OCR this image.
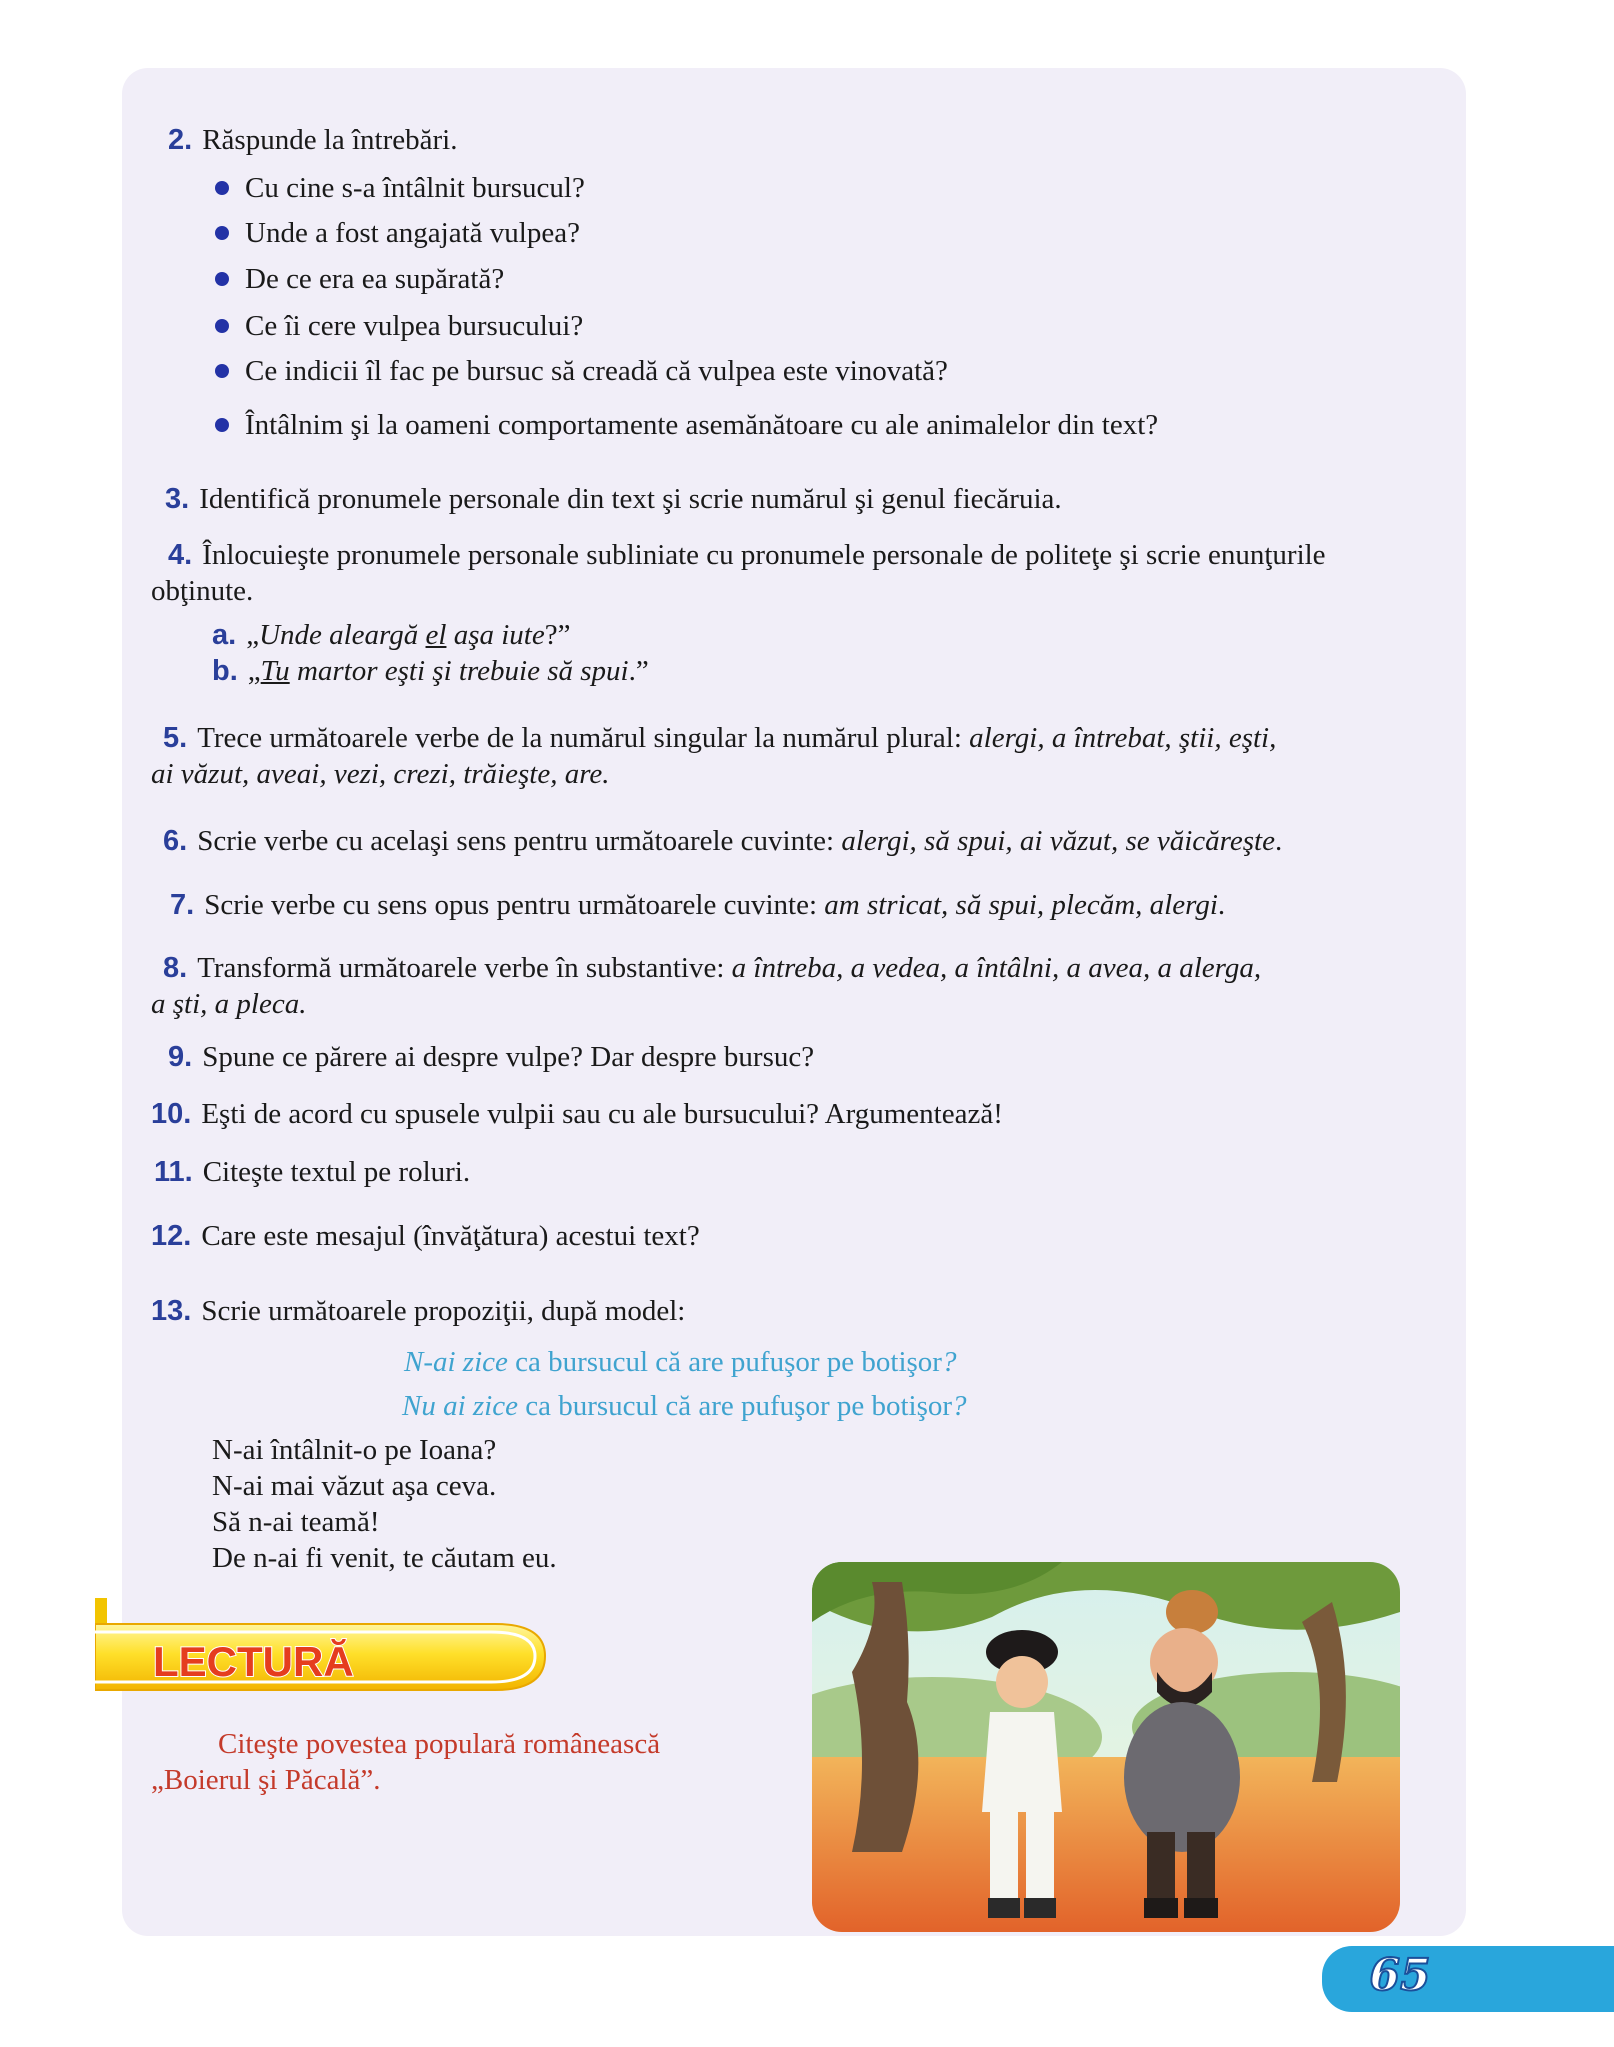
2. Răspunde la întrebări.
Cu cine s-a întâlnit bursucul?
Unde a fost angajată vulpea?
De ce era ea supărată?
Ce îi cere vulpea bursucului?
Ce indicii îl fac pe bursuc să creadă că vulpea este vinovată?
Întâlnim şi la oameni comportamente asemănătoare cu ale animalelor din text?
3. Identifică pronumele personale din text şi scrie numărul şi genul fiecăruia.
4. Înlocuieşte pronumele personale subliniate cu pronumele personale de politeţe şi scrie enunţurile
obţinute.
a. „Unde aleargă el aşa iute?”
b. „Tu martor eşti şi trebuie să spui.”
5. Trece următoarele verbe de la numărul singular la numărul plural: alergi, a întrebat, ştii, eşti,
ai văzut, aveai, vezi, crezi, trăieşte, are.
6. Scrie verbe cu acelaşi sens pentru următoarele cuvinte: alergi, să spui, ai văzut, se văicăreşte.
7. Scrie verbe cu sens opus pentru următoarele cuvinte: am stricat, să spui, plecăm, alergi.
8. Transformă următoarele verbe în substantive: a întreba, a vedea, a întâlni, a avea, a alerga,
a şti, a pleca.
9. Spune ce părere ai despre vulpe? Dar despre bursuc?
10. Eşti de acord cu spusele vulpii sau cu ale bursucului? Argumentează!
11. Citeşte textul pe roluri.
12. Care este mesajul (învăţătura) acestui text?
13. Scrie următoarele propoziţii, după model:
N-ai zice ca bursucul că are pufuşor pe botişor?
Nu ai zice ca bursucul că are pufuşor pe botişor?
N-ai întâlnit-o pe Ioana?
N-ai mai văzut aşa ceva.
Să n-ai teamă!
De n-ai fi venit, te căutam eu.
LECTURĂ
Citeşte povestea populară românească
„Boierul şi Păcală”.
65
